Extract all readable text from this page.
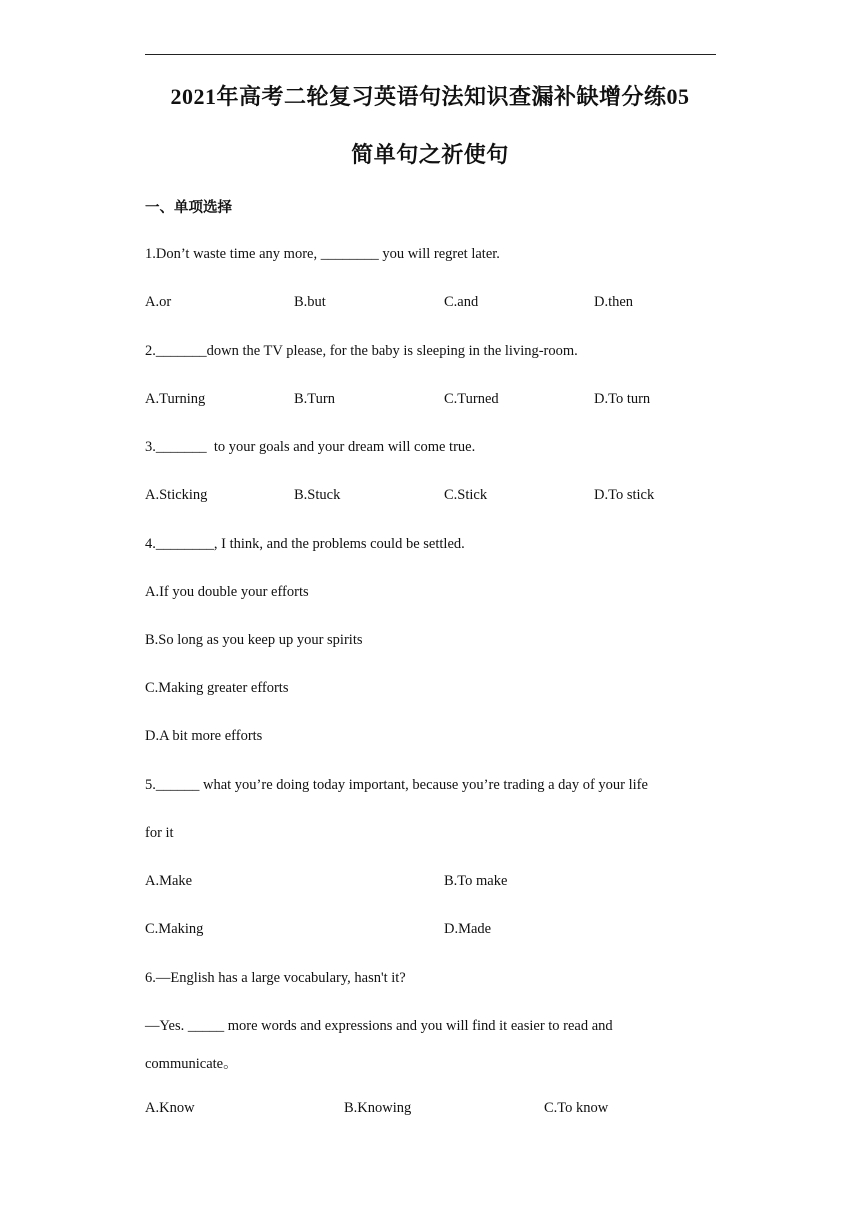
2021年高考二轮复习英语句法知识查漏补缺增分练05
简单句之祈使句
一、单项选择
1.Don’t waste time any more, ________ you will regret later.
A.or	B.but	C.and	D.then
2._______down the TV please, for the baby is sleeping in the living-room.
A.Turning	B.Turn	C.Turned	D.To turn
3._______  to your goals and your dream will come true.
A.Sticking	B.Stuck	C.Stick	D.To stick
4.________, I think, and the problems could be settled.
A.If you double your efforts
B.So long as you keep up your spirits
C.Making greater efforts
D.A bit more efforts
5.______ what you’re doing today important, because you’re trading a day of your life
for it
A.Make	B.To make
C.Making	D.Made
6.—English has a large vocabulary, hasn't it?
—Yes. _____ more words and expressions and you will find it easier to read and
communicate。
A.Know	B.Knowing	C.To know
